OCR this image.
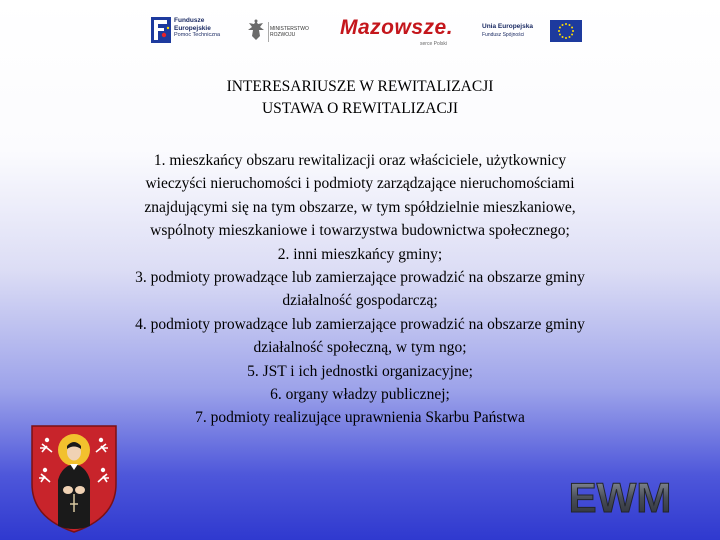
Fundusze
Europejskie
Pomoc Techniczna
MINISTERSTWO
ROZWOJU	Mazowsze.
serce Polski
Unia Europejska
Fundusz Spójności
INTERESARIUSZE W REWITALIZACJI
USTAWA O REWITALIZACJI
1. mieszkańcy obszaru rewitalizacji oraz właściciele, użytkownicy
wieczyści nieruchomości i podmioty zarządzające nieruchomościami
znajdującymi się na tym obszarze, w tym spółdzielnie mieszkaniowe,
wspólnoty mieszkaniowe i towarzystwa budownictwa społecznego;
2. inni mieszkańcy gminy;
3. podmioty prowadzące lub zamierzające prowadzić na obszarze gminy
działalność gospodarczą;
4. podmioty prowadzące lub zamierzające prowadzić na obszarze gminy
działalność społeczną, w tym ngo;
5. JST i ich jednostki organizacyjne;
6. organy władzy publicznej;
7. podmioty realizujące uprawnienia Skarbu Państwa
EWM
